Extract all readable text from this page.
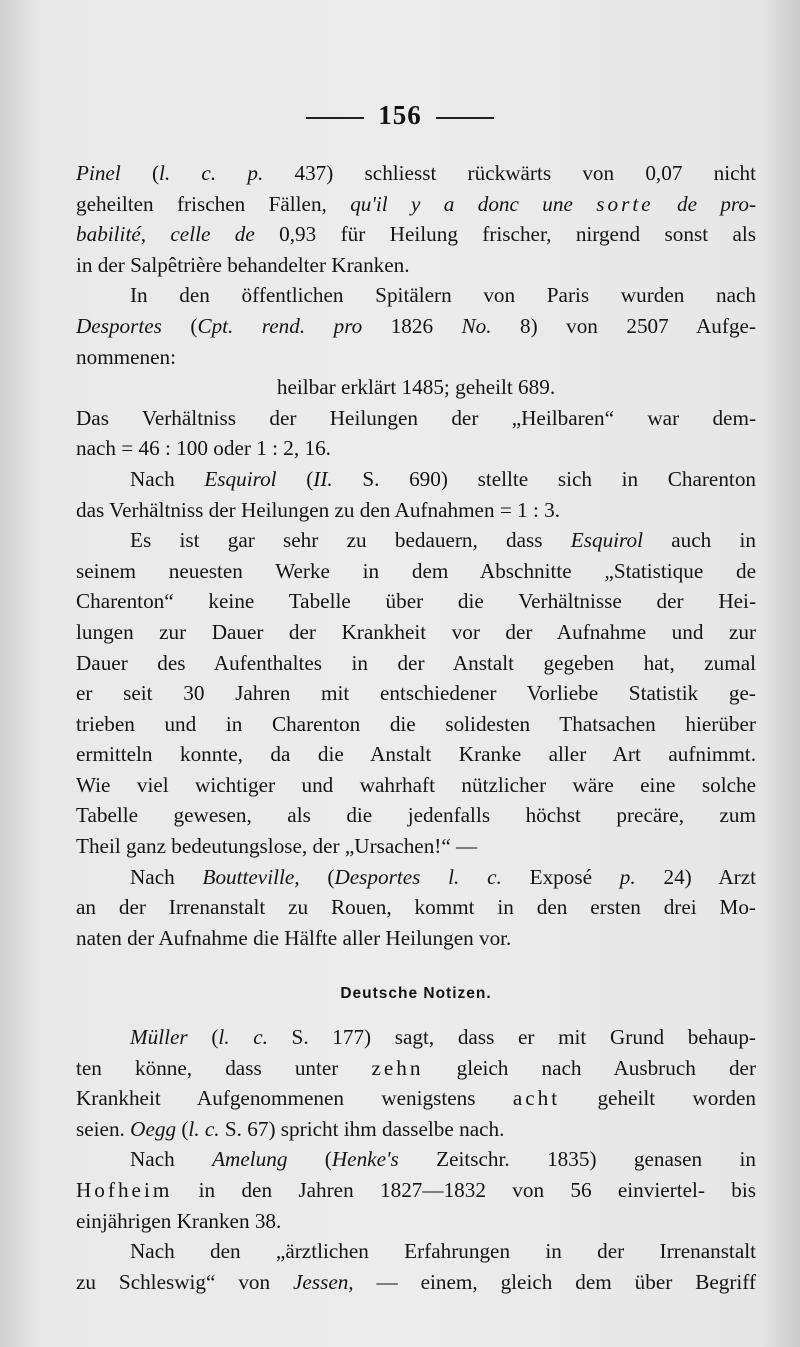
156

Pinel (l. c. p. 437) schliesst rückwärts von 0,07 nicht

geheilten frischen Fällen, qu'il y a donc une sorte de pro-

babilité, celle de 0,93 für Heilung frischer, nirgend sonst als

in der Salpêtrière behandelter Kranken.

In den öffentlichen Spitälern von Paris wurden nach

Desportes (Cpt. rend. pro 1826 No. 8) von 2507 Aufge-

nommenen:

heilbar erklärt 1485; geheilt 689.

Das Verhältniss der Heilungen der „Heilbaren“ war dem-

nach = 46 : 100 oder 1 : 2, 16.

Nach Esquirol (II. S. 690) stellte sich in Charenton

das Verhältniss der Heilungen zu den Aufnahmen = 1 : 3.

Es ist gar sehr zu bedauern, dass Esquirol auch in

seinem neuesten Werke in dem Abschnitte „Statistique de

Charenton“ keine Tabelle über die Verhältnisse der Hei-

lungen zur Dauer der Krankheit vor der Aufnahme und zur

Dauer des Aufenthaltes in der Anstalt gegeben hat, zumal

er seit 30 Jahren mit entschiedener Vorliebe Statistik ge-

trieben und in Charenton die solidesten Thatsachen hierüber

ermitteln konnte, da die Anstalt Kranke aller Art aufnimmt.

Wie viel wichtiger und wahrhaft nützlicher wäre eine solche

Tabelle gewesen, als die jedenfalls höchst precäre, zum

Theil ganz bedeutungslose, der „Ursachen!“ —

Nach Boutteville, (Desportes l. c. Exposé p. 24) Arzt

an der Irrenanstalt zu Rouen, kommt in den ersten drei Mo-

naten der Aufnahme die Hälfte aller Heilungen vor.

Deutsche Notizen.

Müller (l. c. S. 177) sagt, dass er mit Grund behaup-

ten könne, dass unter zehn gleich nach Ausbruch der

Krankheit Aufgenommenen wenigstens acht geheilt worden

seien. Oegg (l. c. S. 67) spricht ihm dasselbe nach.

Nach Amelung (Henke's Zeitschr. 1835) genasen in

Hofheim in den Jahren 1827—1832 von 56 einviertel- bis

einjährigen Kranken 38.

Nach den „ärztlichen Erfahrungen in der Irrenanstalt

zu Schleswig“ von Jessen, — einem, gleich dem über Begriff
